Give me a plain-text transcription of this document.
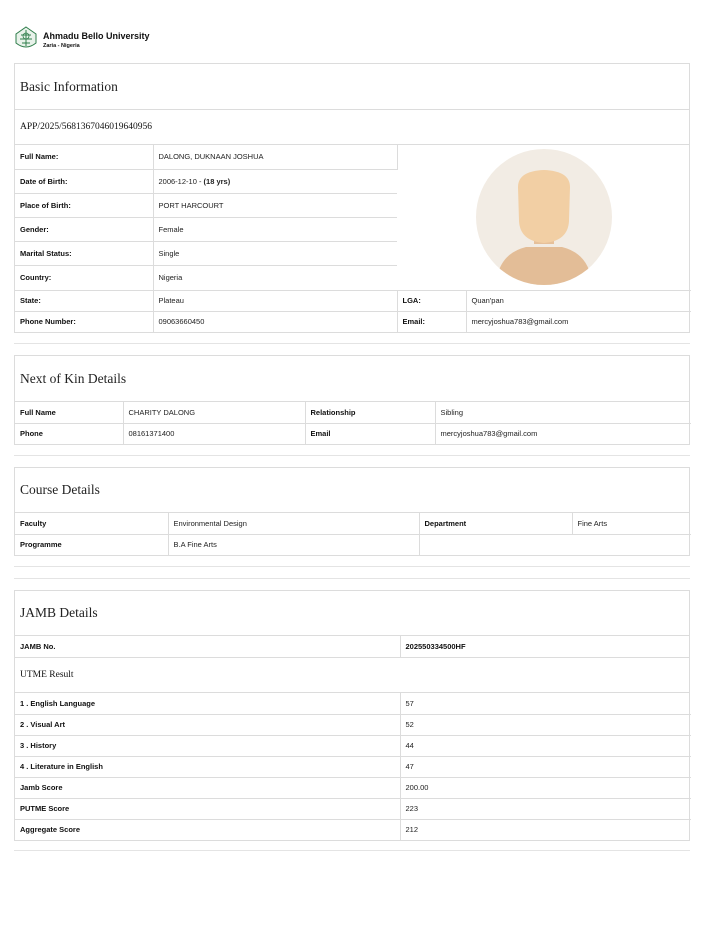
Ahmadu Bello University
Zaria - Nigeria
Basic Information
APP/2025/56813670460196409​56
Full Name:	DALONG, DUKNAAN JOSHUA	

Date of Birth:	2006-12-10 - (18 yrs)		
Place of Birth:	PORT HARCOURT		
Gender:	Female		
Marital Status:	Single		
Country:	Nigeria		
State:	Plateau	LGA:	Quan'pan
Phone Number:	09063660450	Email:	mercyjoshua783@gmail.com
Next of Kin Details
Full Name	CHARITY DALONG	Relationship	Sibling
Phone	08161371400	Email	mercyjoshua783@gmail.com
Course Details
Faculty	Environmental Design	Department	Fine Arts
Programme	B.A Fine Arts		
JAMB Details
JAMB No.	202550334500HF
UTME Result
1 . English Language	57
2 . Visual Art	52
3 . History	44
4 . Literature in English	47
Jamb Score	200.00
PUTME Score	223
Aggregate Score	212
